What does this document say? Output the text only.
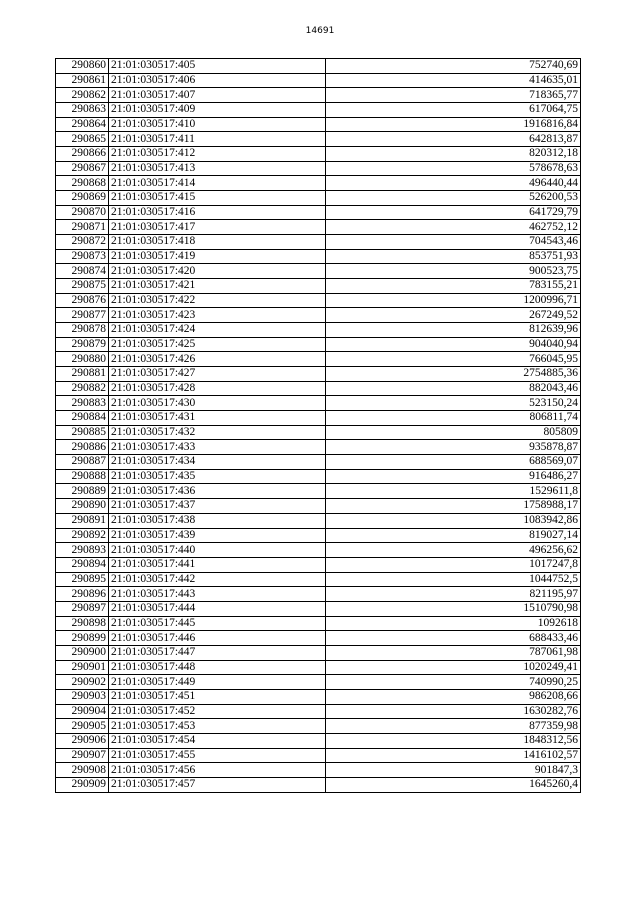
14691
290860	21:01:030517:405	752740,69
290861	21:01:030517:406	414635,01
290862	21:01:030517:407	718365,77
290863	21:01:030517:409	617064,75
290864	21:01:030517:410	1916816,84
290865	21:01:030517:411	642813,87
290866	21:01:030517:412	820312,18
290867	21:01:030517:413	578678,63
290868	21:01:030517:414	496440,44
290869	21:01:030517:415	526200,53
290870	21:01:030517:416	641729,79
290871	21:01:030517:417	462752,12
290872	21:01:030517:418	704543,46
290873	21:01:030517:419	853751,93
290874	21:01:030517:420	900523,75
290875	21:01:030517:421	783155,21
290876	21:01:030517:422	1200996,71
290877	21:01:030517:423	267249,52
290878	21:01:030517:424	812639,96
290879	21:01:030517:425	904040,94
290880	21:01:030517:426	766045,95
290881	21:01:030517:427	2754885,36
290882	21:01:030517:428	882043,46
290883	21:01:030517:430	523150,24
290884	21:01:030517:431	806811,74
290885	21:01:030517:432	805809
290886	21:01:030517:433	935878,87
290887	21:01:030517:434	688569,07
290888	21:01:030517:435	916486,27
290889	21:01:030517:436	1529611,8
290890	21:01:030517:437	1758988,17
290891	21:01:030517:438	1083942,86
290892	21:01:030517:439	819027,14
290893	21:01:030517:440	496256,62
290894	21:01:030517:441	1017247,8
290895	21:01:030517:442	1044752,5
290896	21:01:030517:443	821195,97
290897	21:01:030517:444	1510790,98
290898	21:01:030517:445	1092618
290899	21:01:030517:446	688433,46
290900	21:01:030517:447	787061,98
290901	21:01:030517:448	1020249,41
290902	21:01:030517:449	740990,25
290903	21:01:030517:451	986208,66
290904	21:01:030517:452	1630282,76
290905	21:01:030517:453	877359,98
290906	21:01:030517:454	1848312,56
290907	21:01:030517:455	1416102,57
290908	21:01:030517:456	901847,3
290909	21:01:030517:457	1645260,4
